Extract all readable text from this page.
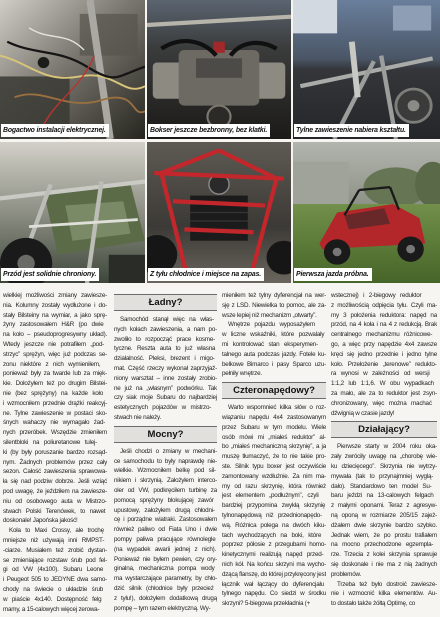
Bogactwo instalacji elektrycznej.	Bokser jeszcze bezbronny, bez klatki.	Tylne zawieszenie nabiera kształtu.
Przód jest solidnie chroniony.	Z tyłu chłodnice i miejsce na zapas.	Pierwsza jazda próbna.
wielkiej możliwości zmiany zawiesze-
nia. Kolumny zostały wydłużone i do-
stały Bilsteiny na wymiar, a jako sprę-
żyny zastosowałem H&R (po dwie
na koło – pseudoprogresywny układ).
Wtedy jeszcze nie potrafiłem „pod-
strzyc” sprężyn, więc już podczas se-
zonu niektóre z nich wymieniłem,
ponieważ były za twarde lub za mięk-
kie. Dołożyłem też po drugim Bilstei-
nie (bez sprężyny) na każde koło
i wzmocniłem przednie drążki reakcyj-
ne. Tylne zawieszenie w postaci sko-
śnych wahaczy nie wymagało żad-
nych przeróbek. Wszędzie zmieniłem
silentbloki na poliuretanowe tulej-
ki (by były poruszanie bardzo rozsąd-
nym. Żadnych problemów przez cały
sezon. Całość zawieszenia sprawowa-
ła się nad podziw dobrze. Jeśli wziąć
pod uwagę, że jeździłem na zawiesze-
niu od osobowego auta w Mistrzo-
stwach Polski Terenówek, to nawet
doskonale! Japońska jakość!
Koła to Maxi Crossy, ale trochę
mniejsze niż używają inni RMPST-
-ciarze. Musiałem też zrobić dystan-
se zmieniające rozstaw śrub pod fel-
gi od VW (4x100). Subaru Leone
i Peugeot 505 to JEDYNE dwa samo-
chody na świecie o układzie śrub
w piaście 4x140. Dostępność felg
mamy, a 15-calowych więcej zerowa-
Ładny?
Samochód stanął więc na włas-
nych kołach zawieszenia, a nam po-
zwoliło to rozpocząć prace kosme-
tyczne. Reszta auta to już własna
działalność. Pleksi, brezent i migo-
mat. Część rzeczy wykonał zaprzyjaź-
niony warsztat – inne zostały zrobio-
ne już na „własnym” podwórku. Tak
czy siak moje Subaru do najbardziej
estetycznych pojazdów w mistrzo-
stwach nie należy.
Mocny?
Jeśli chodzi o zmiany w mechani-
ce samochodu to były naprawdę nie-
wielkie. Wzmocniłem belkę pod sil-
nikiem i skrzynią. Założyłem interco-
oler od VW, podkręciłem turbinę za
pomocą sprężyny blokującej zawór
upustowy, założyłem drugą chłodni-
cę i porządne wiatraki. Zastosowałem
również paliwo od Fiata Uno i dwie
pompy paliwa pracujące równolegle
(na wypadek awarii jednej z nich).
Ponieważ nie byłem pewien, czy ory-
ginalna, mechaniczna pompa wody
ma wystarczające parametry, by chło-
dzić silnik (chłodnice były przecież
z tyłu!), dołożyłem dodatkową drugą
pompę – tym razem elektryczną. Wy-
mieniłem też tylny dyferencjał na wer-
sję z LSD. Niewielka to pomoc, ale za-
wsze lepiej niż mechanizm „otwarty”.
Wnętrze pojazdu wyposażyłem
w liczne wskaźniki, które pozwalały
mi kontrolować stan eksperymen-
talnego auta podczas jazdy. Fotele ku-
belkowe Bimarco i pasy Sparco uzu-
pełniły wnętrze.
Czteronapędowy?
Warto wspomnieć kilka słów o roz-
wiązaniu napędu 4x4 zastosowanym
przez Subaru w tym modelu. Wiele
osób mówi mi „miałeś reduktor” al-
bo „miałeś mechaniczną skrzynię”, a ja
muszę tłumaczyć, że to nie takie pro-
ste. Silnik typu boxer jest oczywiście
zamontowany wzdłużnie. Za nim ma-
my od razu skrzynię, która również
jest elementem „podłużnym”, czyli
bardziej przypomina zwykłą skrzynię
tylnonapędową niż przednionapędo-
wą. Różnica polega na dwóch kiku-
tach wychodzących na boki, które
poprzez półosie z przegubami homo-
kinetycznymi realizują napęd przed-
nich kół. Na końcu skrzyni ma wycho-
dzącą flanszę, do której przykręcony jest
łącznik wał łączący do dyferencjału
tylnego napędu. Co siedzi w środku
skrzyni? 5-biegowa przekładnia (+
wstecznej) i 2-biegowy reduktor
z możliwością odpięcia tyłu. Czyli ma-
my 3 położenia reduktora: napęd na
przód, na 4 koła i na 4 z redukcją. Brak
centralnego mechanizmu różnicowe-
go, a więc przy napędzie 4x4 zawsze
kręci się jedno przednie i jedno tylne
koło. Przełożenie „terenowe” redukto-
ra wynosi w zależności od wersji
1:1,2 lub 1:1,6. W obu wypadkach
za mało, ale za to reduktor jest zsyn-
chronizowany, więc można machać
dźwignią w czasie jazdy!
Działający?
Pierwsze starty w 2004 roku oka-
zały zwróciły uwagę na „chorobę wie-
ku dziecięcego”. Skrzynia nie wytrzy-
mywała (tak to przynajmniej wyglą-
dało). Standardowo ten model Su-
baru jeździ na 13-calowych felgach
z małymi oponami. Teraz z agresyw-
ną oponą w rozmiarze 205/15 zajeż-
dżałem dwie skrzynie bardzo szybko.
Jednak wiem, że po prostu trafiałem
na mocno przechodzone egzempla-
rze. Trzecia z kolei skrzynia sprawuje
się doskonale i nie ma z nią żadnych
problemów.
Trzeba też było dostroić zawiesze-
nie i wzmocnić kilka elementów. Au-
to dostało także żółtą Optimę, co
